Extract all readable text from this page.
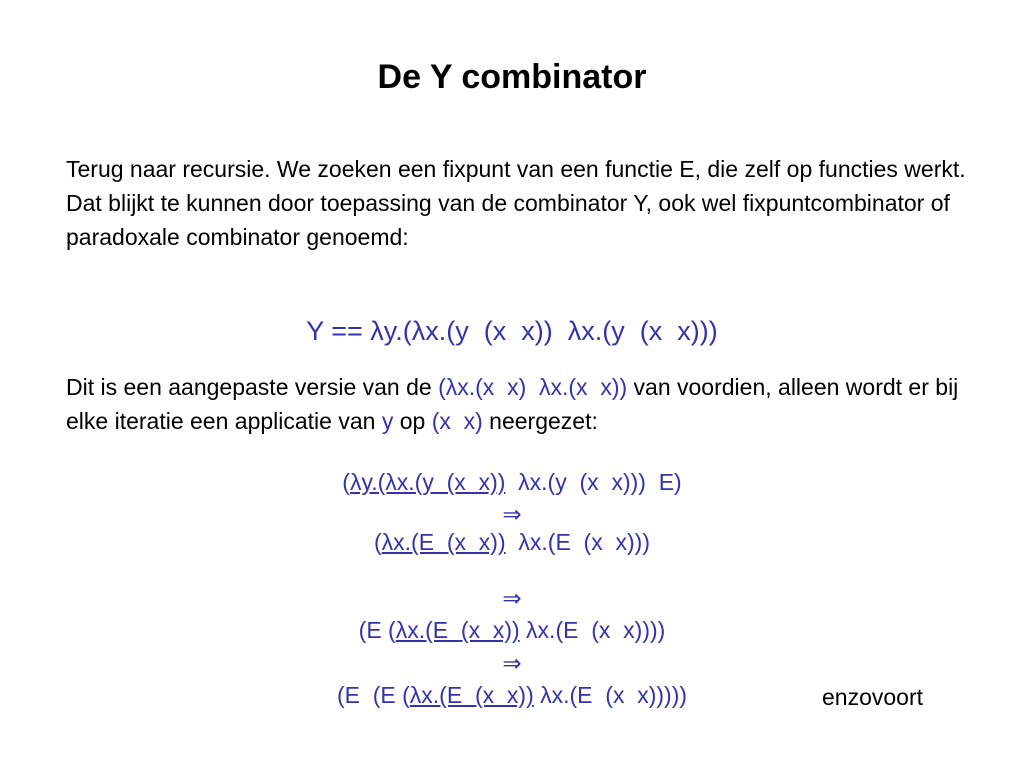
De Y combinator
Terug naar recursie. We zoeken een fixpunt van een functie E, die zelf op functies werkt. Dat blijkt te kunnen door toepassing van de combinator Y, ook wel fixpuntcombinator of paradoxale combinator genoemd:
Y == λy.(λx.(y  (x  x))  λx.(y  (x  x)))
Dit is een aangepaste versie van de (λx.(x  x)  λx.(x  x)) van voordien, alleen wordt er bij elke iteratie een applicatie van y op (x  x) neergezet:
(λy.(λx.(y  (x  x))  λx.(y  (x  x)))  E)
⇒
(λx.(E  (x  x))  λx.(E  (x  x)))
⇒
(E (λx.(E  (x  x)) λx.(E  (x  x))))
⇒
(E  (E (λx.(E  (x  x)) λx.(E  (x  x)))))	enzovoort
